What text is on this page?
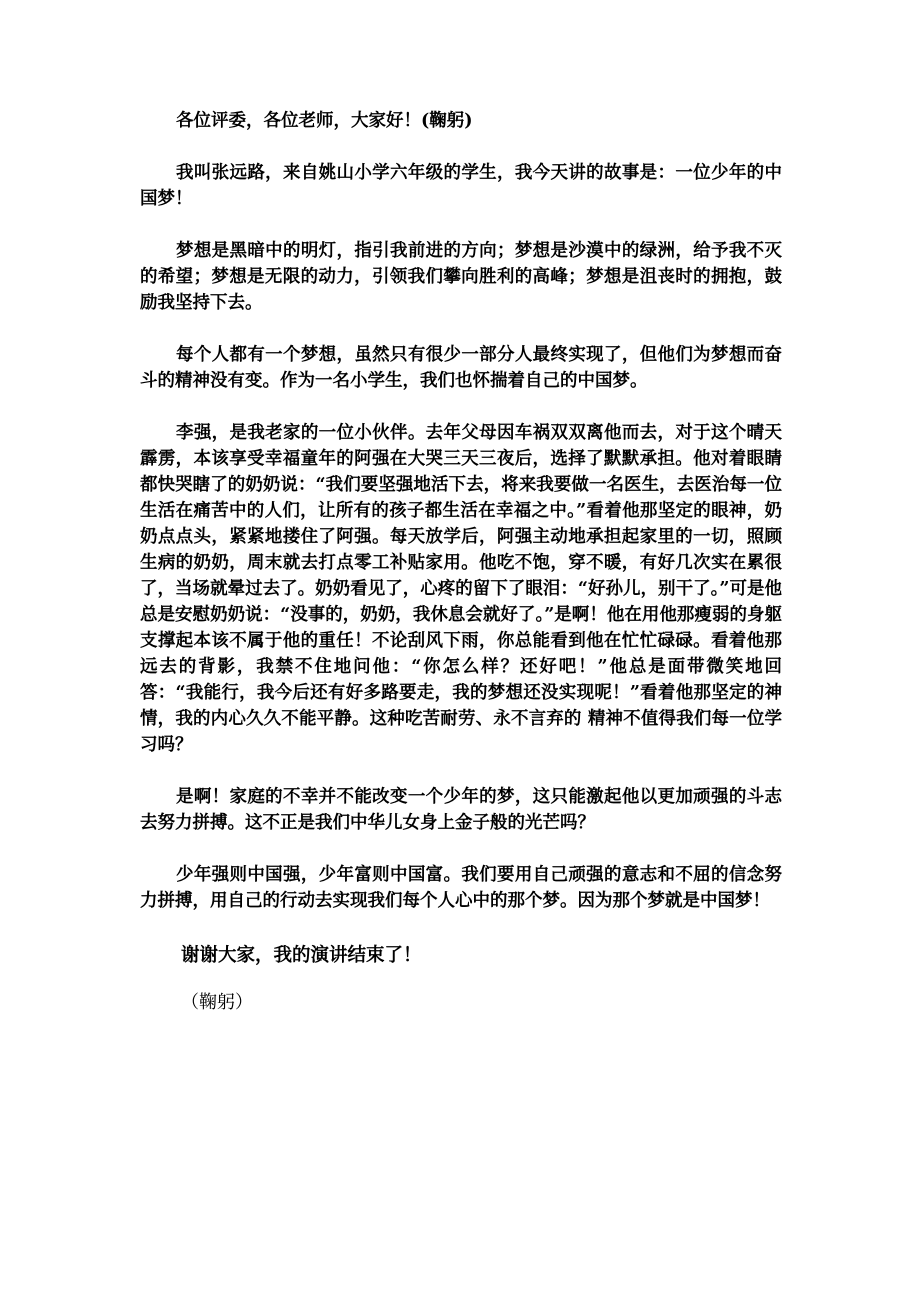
各位评委，各位老师，大家好！(鞠躬)

我叫张远路，来自姚山小学六年级的学生，我今天讲的故事是：一位少年的中国梦！

梦想是黑暗中的明灯，指引我前进的方向；梦想是沙漠中的绿洲，给予我不灭的希望；梦想是无限的动力，引领我们攀向胜利的高峰；梦想是沮丧时的拥抱，鼓励我坚持下去。

每个人都有一个梦想，虽然只有很少一部分人最终实现了，但他们为梦想而奋斗的精神没有变。作为一名小学生，我们也怀揣着自己的中国梦。

李强，是我老家的一位小伙伴。去年父母因车祸双双离他而去，对于这个晴天霹雳，本该享受幸福童年的阿强在大哭三天三夜后，选择了默默承担。他对着眼睛都快哭瞎了的奶奶说：“我们要坚强地活下去，将来我要做一名医生，去医治每一位生活在痛苦中的人们，让所有的孩子都生活在幸福之中。”看着他那坚定的眼神，奶奶点点头，紧紧地搂住了阿强。每天放学后，阿强主动地承担起家里的一切，照顾生病的奶奶，周末就去打点零工补贴家用。他吃不饱，穿不暖，有好几次实在累很了，当场就晕过去了。奶奶看见了，心疼的留下了眼泪：“好孙儿，别干了。”可是他总是安慰奶奶说：“没事的，奶奶，我休息会就好了。”是啊！他在用他那瘦弱的身躯支撑起本该不属于他的重任！不论刮风下雨，你总能看到他在忙忙碌碌。看着他那远去的背影，我禁不住地问他：“你怎么样？还好吧！”他总是面带微笑地回答：“我能行，我今后还有好多路要走，我的梦想还没实现呢！”看着他那坚定的神情，我的内心久久不能平静。这种吃苦耐劳、永不言弃的 精神不值得我们每一位学习吗？

是啊！家庭的不幸并不能改变一个少年的梦，这只能激起他以更加顽强的斗志去努力拼搏。这不正是我们中华儿女身上金子般的光芒吗？

少年强则中国强，少年富则中国富。我们要用自己顽强的意志和不屈的信念努力拼搏，用自己的行动去实现我们每个人心中的那个梦。因为那个梦就是中国梦！

谢谢大家，我的演讲结束了！

（鞠躬）
